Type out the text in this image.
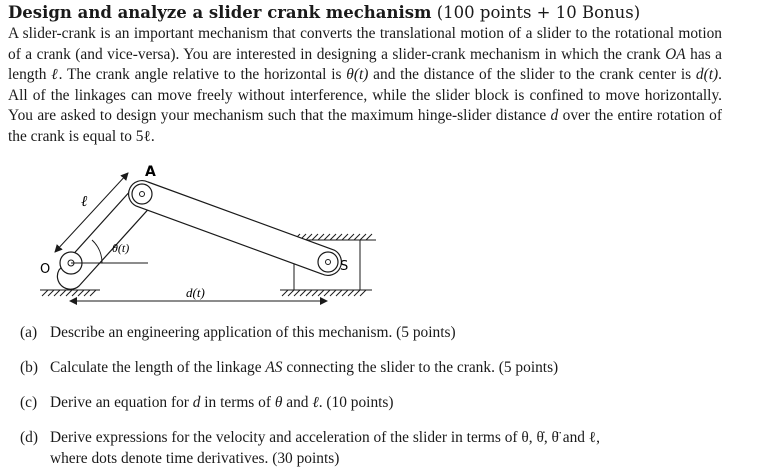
Design and analyze a slider crank mechanism (100 points + 10 Bonus)
A slider-crank is an important mechanism that converts the translational motion of a slider to the rotational motion of a crank (and vice-versa). You are interested in designing a slider-crank mechanism in which the crank OA has a length ℓ. The crank angle relative to the horizontal is θ(t) and the distance of the slider to the crank center is d(t). All of the linkages can move freely without interference, while the slider block is confined to move horizontally. You are asked to design your mechanism such that the maximum hinge-slider distance d over the entire rotation of the crank is equal to 5ℓ.
A
O	S
ℓ
θ(t)
d(t)
(a) Describe an engineering application of this mechanism. (5 points)
(b) Calculate the length of the linkage AS connecting the slider to the crank. (5 points)
(c) Derive an equation for d in terms of θ and ℓ. (10 points)
(d) Derive expressions for the velocity and acceleration of the slider in terms of θ, θ̇, θ̈ and ℓ,
where dots denote time derivatives. (30 points)
